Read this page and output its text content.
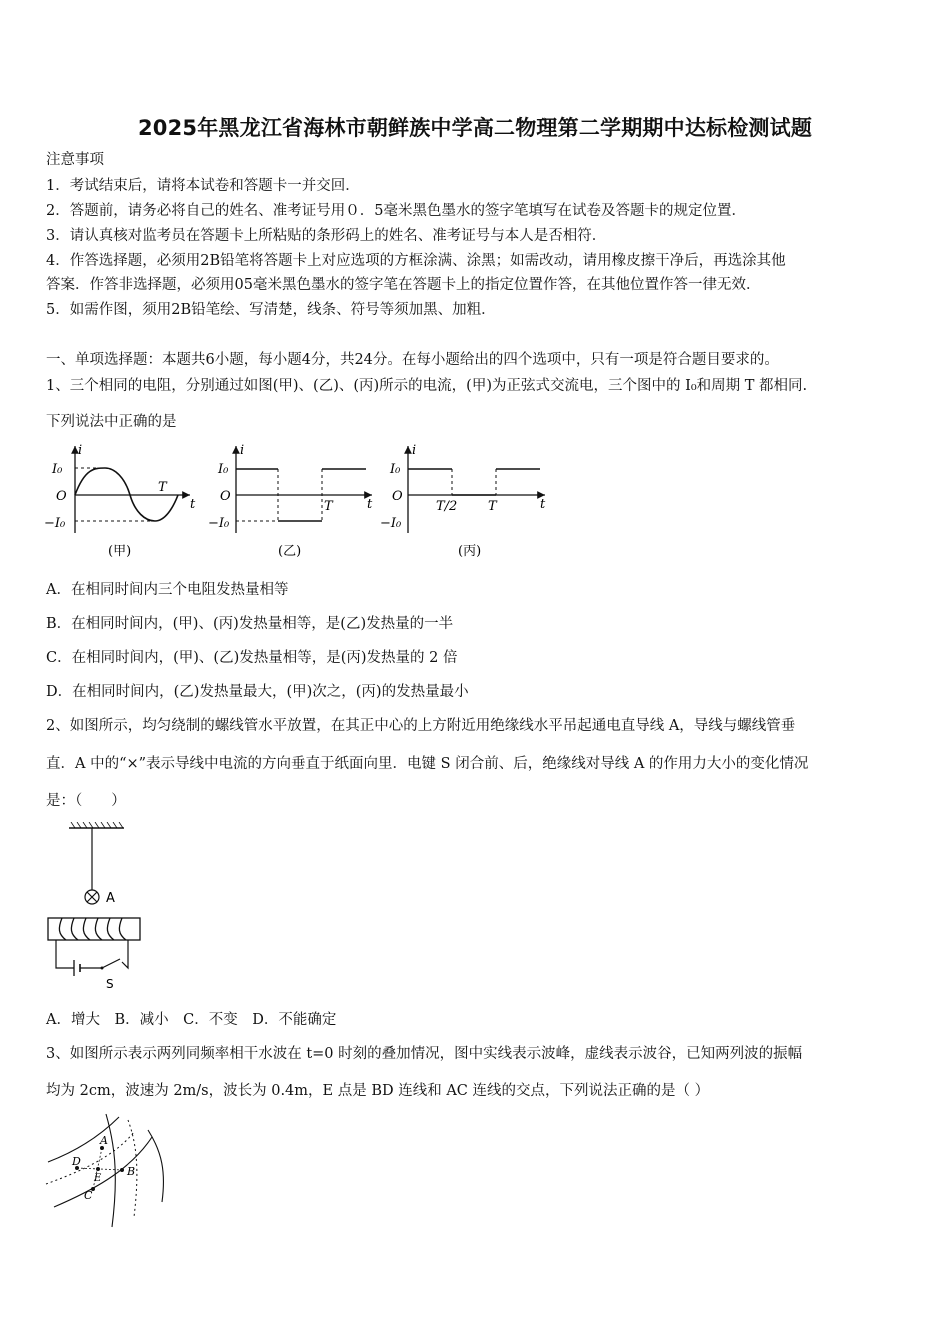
2025年黑龙江省海林市朝鲜族中学高二物理第二学期期中达标检测试题
注意事项
1．考试结束后，请将本试卷和答题卡一并交回．
2．答题前，请务必将自己的姓名、准考证号用０．5毫米黑色墨水的签字笔填写在试卷及答题卡的规定位置．
3．请认真核对监考员在答题卡上所粘贴的条形码上的姓名、准考证号与本人是否相符．
4．作答选择题，必须用2B铅笔将答题卡上对应选项的方框涂满、涂黑；如需改动，请用橡皮擦干净后，再选涂其他
答案．作答非选择题，必须用05毫米黑色墨水的签字笔在答题卡上的指定位置作答，在其他位置作答一律无效．
5．如需作图，须用2B铅笔绘、写清楚，线条、符号等须加黑、加粗．
一、单项选择题：本题共6小题，每小题4分，共24分。在每小题给出的四个选项中，只有一项是符合题目要求的。
1、三个相同的电阻，分别通过如图(甲)、(乙)、(丙)所示的电流，(甲)为正弦式交流电，三个图中的 I₀和周期 T 都相同.
下列说法中正确的是
i
I₀
O
−I₀
T
t
(甲)
i
I₀
O
−I₀
T	t
(乙)
i
I₀
O
−I₀
T/2 T	t
(丙)
A．在相同时间内三个电阻发热量相等
B．在相同时间内，(甲)、(丙)发热量相等，是(乙)发热量的一半
C．在相同时间内，(甲)、(乙)发热量相等，是(丙)发热量的 2 倍
D．在相同时间内，(乙)发热量最大，(甲)次之，(丙)的发热量最小
2、如图所示，均匀绕制的螺线管水平放置，在其正中心的上方附近用绝缘线水平吊起通电直导线 A，导线与螺线管垂
直．A 中的“×”表示导线中电流的方向垂直于纸面向里．电键 S 闭合前、后，绝缘线对导线 A 的作用力大小的变化情况
是：（　　）
A
S
A．增大　B．减小　C．不变　D．不能确定
3、如图所示表示两列同频率相干水波在 t=0 时刻的叠加情况，图中实线表示波峰，虚线表示波谷，已知两列波的振幅
均为 2cm，波速为 2m/s，波长为 0.4m，E 点是 BD 连线和 AC 连线的交点，下列说法正确的是（ ）
A
B
C
D
E
